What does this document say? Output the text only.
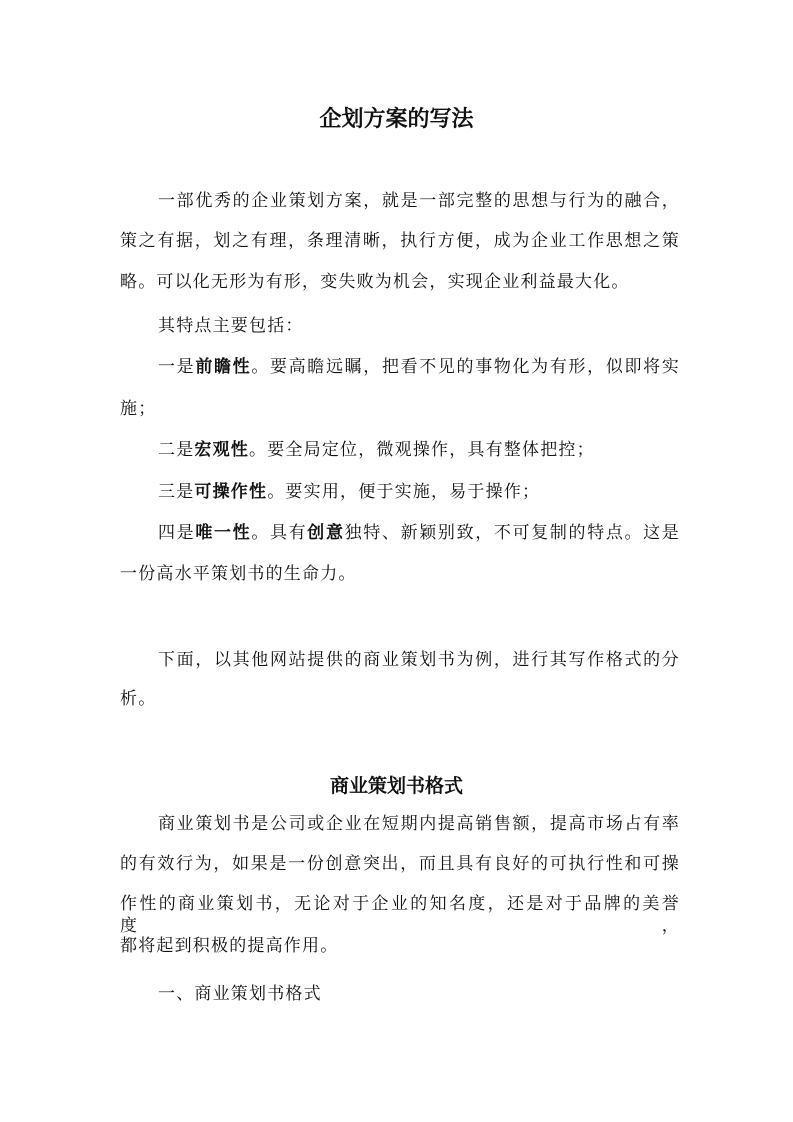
企划方案的写法
一部优秀的企业策划方案，就是一部完整的思想与行为的融合，
策之有据，划之有理，条理清晰，执行方便，成为企业工作思想之策
略。可以化无形为有形，变失败为机会，实现企业利益最大化。
其特点主要包括：
一是前瞻性。要高瞻远瞩，把看不见的事物化为有形，似即将实
施；
二是宏观性。要全局定位，微观操作，具有整体把控；
三是可操作性。要实用，便于实施，易于操作；
四是唯一性。具有创意独特、新颖别致，不可复制的特点。这是
一份高水平策划书的生命力。
下面，以其他网站提供的商业策划书为例，进行其写作格式的分
析。
商业策划书格式
商业策划书是公司或企业在短期内提高销售额，提高市场占有率
的有效行为，如果是一份创意突出，而且具有良好的可执行性和可操
作性的商业策划书，无论对于企业的知名度，还是对于品牌的美誉度，
都将起到积极的提高作用。
一、商业策划书格式
